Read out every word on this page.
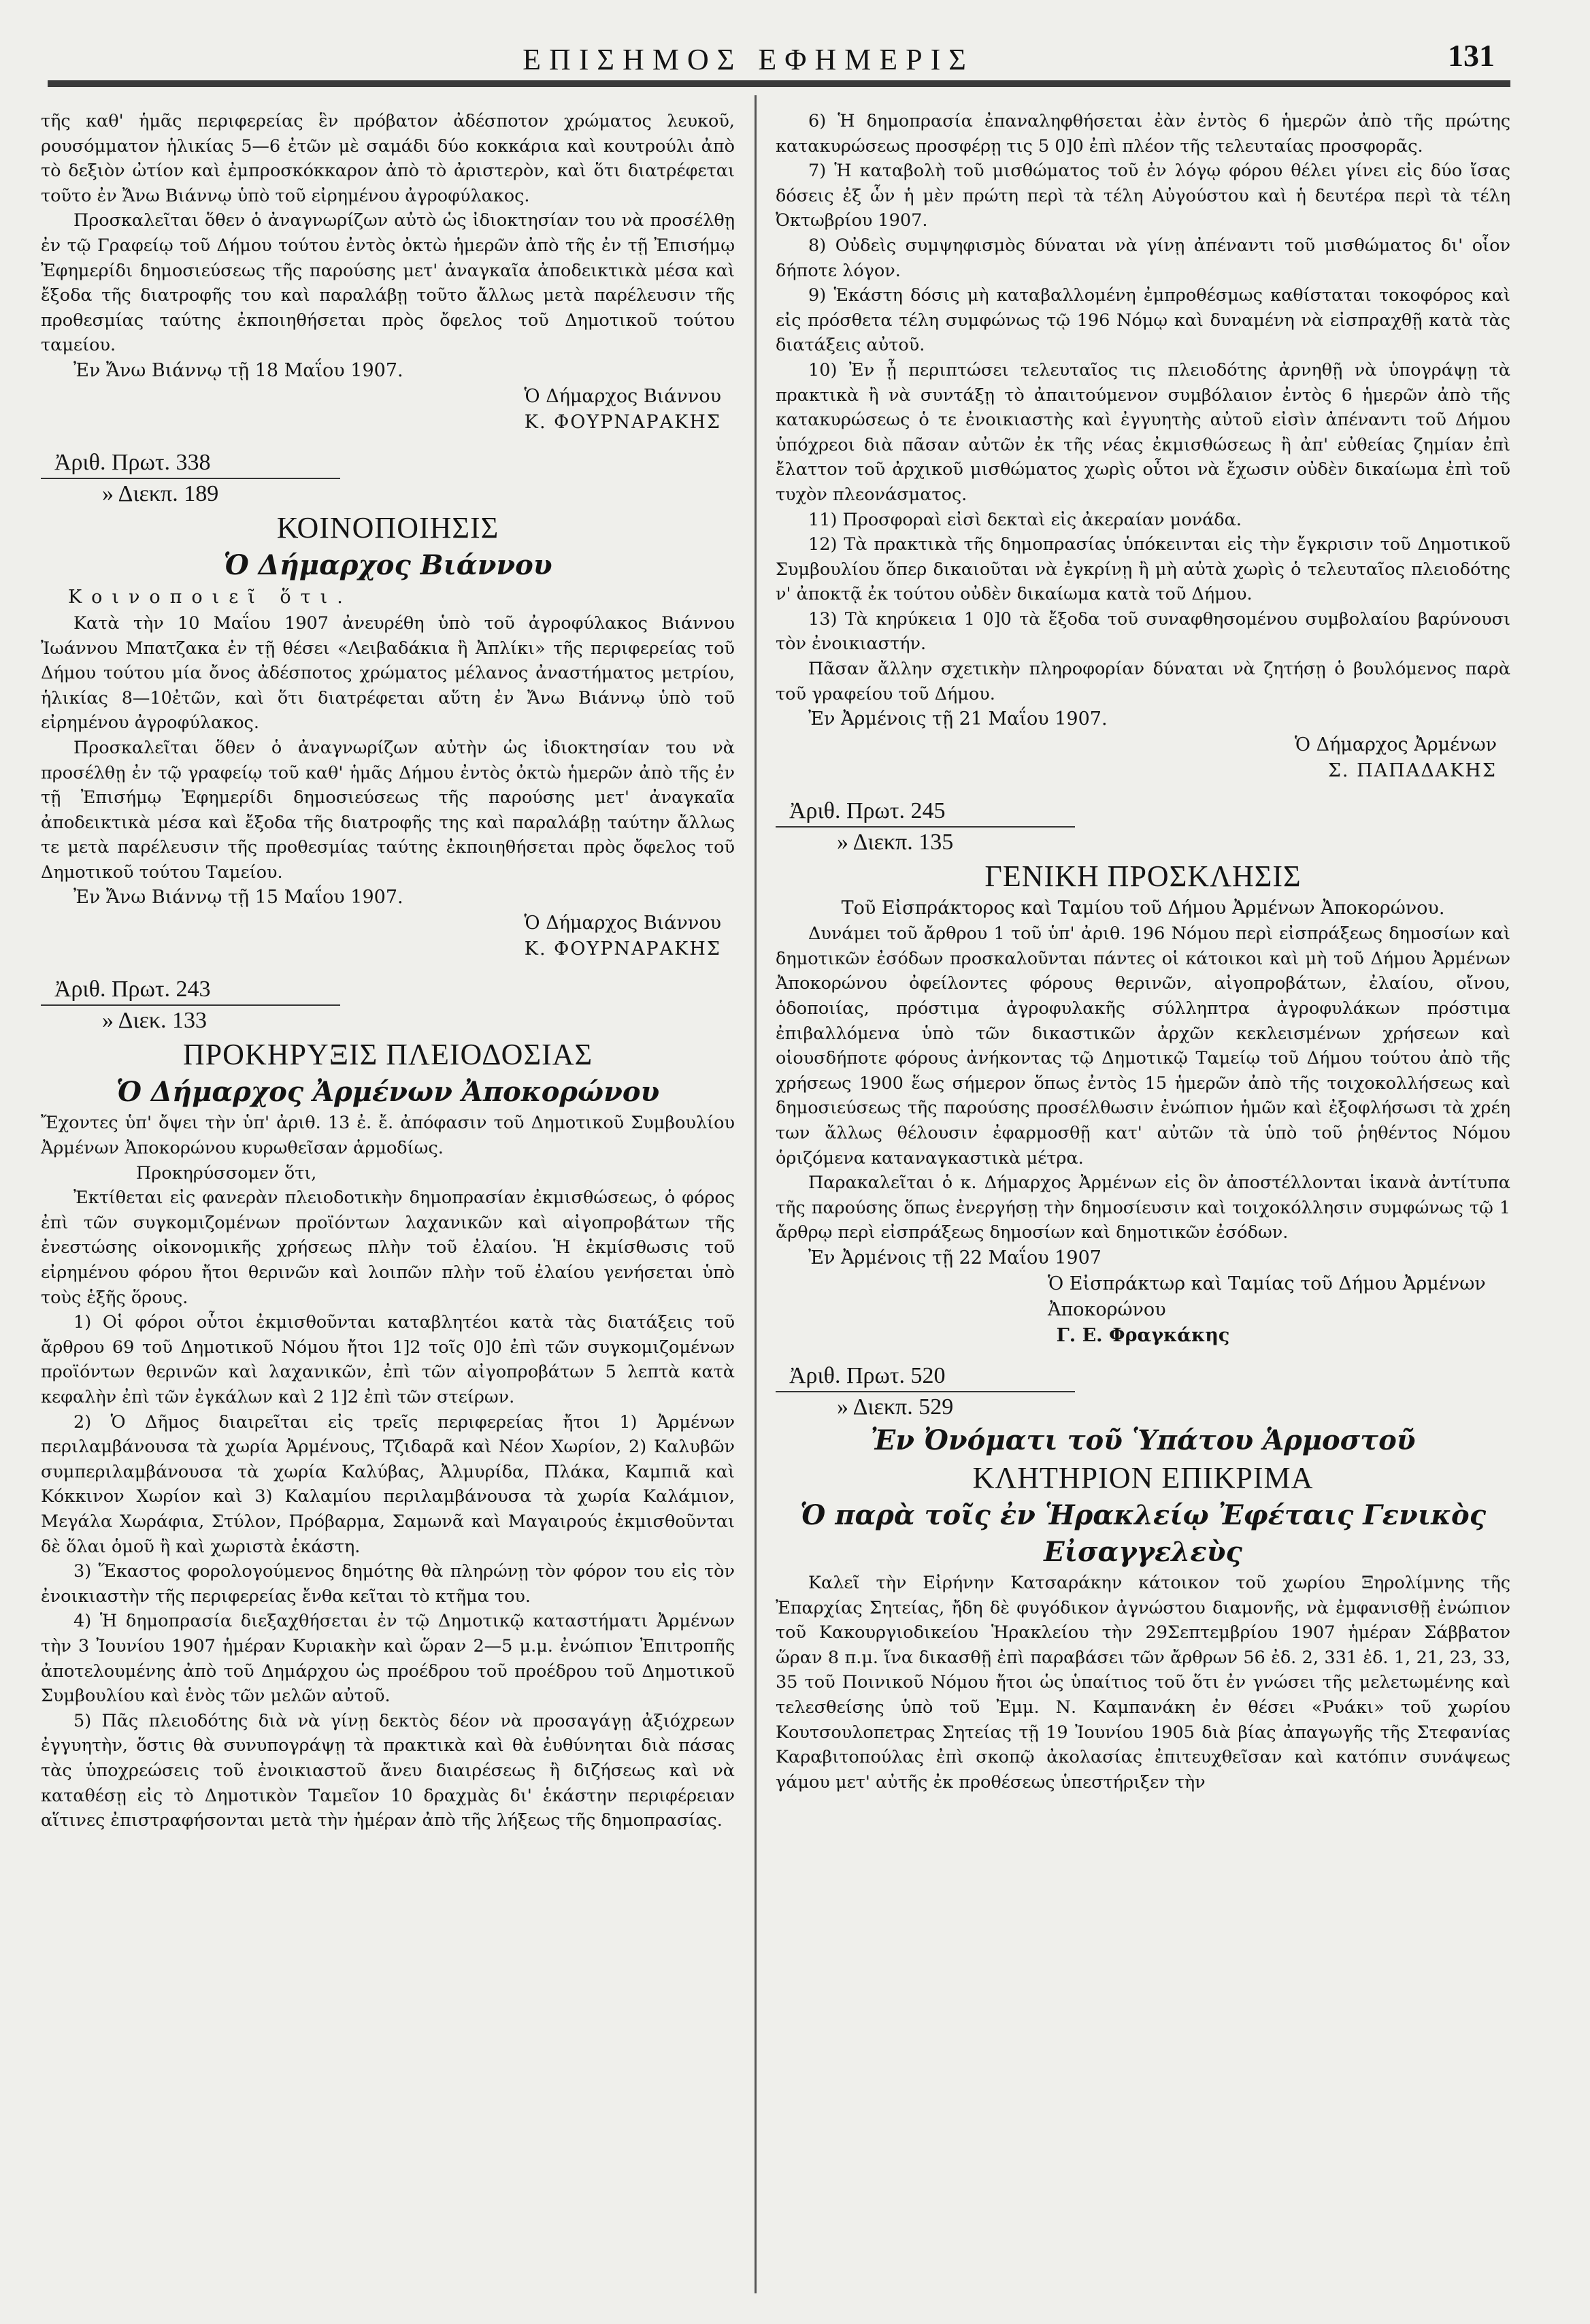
ΕΠΙΣΗΜΟΣ ΕΦΗΜΕΡΙΣ	131

τῆς καθ' ἡμᾶς περιφερείας ἓν πρόβατον ἀδέσποτον χρώματος λευκοῦ, ρουσόμματον ἡλικίας 5—6 ἐτῶν μὲ σαμάδι δύο κοκκάρια καὶ κουτρούλι ἀπὸ τὸ δεξιὸν ὠτίον καὶ ἐμπροσκόκκαρον ἀπὸ τὸ ἀριστερὸν, καὶ ὅτι διατρέφεται τοῦτο ἐν Ἄνω Βιάννῳ ὑπὸ τοῦ εἰρημένου ἀγροφύλακος.

Προσκαλεῖται ὅθεν ὁ ἀναγνωρίζων αὐτὸ ὡς ἰδιοκτησίαν του νὰ προσέλθῃ ἐν τῷ Γραφείῳ τοῦ Δήμου τούτου ἐντὸς ὀκτὼ ἡμερῶν ἀπὸ τῆς ἐν τῇ Ἐπισήμῳ Ἐφημερίδι δημοσιεύσεως τῆς παρούσης μετ' ἀναγκαῖα ἀποδεικτικὰ μέσα καὶ ἔξοδα τῆς διατροφῆς του καὶ παραλάβῃ τοῦτο ἄλλως μετὰ παρέλευσιν τῆς προθεσμίας ταύτης ἐκποιηθήσεται πρὸς ὄφελος τοῦ Δημοτικοῦ τούτου ταμείου.

Ἐν Ἄνω Βιάννῳ τῇ 18 Μαΐου 1907.

Ὁ Δήμαρχος Βιάννου

Κ. ΦΟΥΡΝΑΡΑΚΗΣ

Ἀριθ. Πρωτ. 338
» Διεκπ. 189
ΚΟΙΝΟΠΟΙΗΣΙΣ
Ὁ Δήμαρχος Βιάννου

Κοινοποιεῖ ὅτι.

Κατὰ τὴν 10 Μαΐου 1907 ἀνευρέθη ὑπὸ τοῦ ἀγροφύλακος Βιάννου Ἰωάννου Μπατζακα ἐν τῇ θέσει «Λειβαδάκια ἢ Ἀπλίκι» τῆς περιφερείας τοῦ Δήμου τούτου μία ὄνος ἀδέσποτος χρώματος μέλανος ἀναστήματος μετρίου, ἡλικίας 8—10ἐτῶν, καὶ ὅτι διατρέφεται αὕτη ἐν Ἄνω Βιάννῳ ὑπὸ τοῦ εἰρημένου ἀγροφύλακος.

Προσκαλεῖται ὅθεν ὁ ἀναγνωρίζων αὐτὴν ὡς ἰδιοκτησίαν του νὰ προσέλθῃ ἐν τῷ γραφείῳ τοῦ καθ' ἡμᾶς Δήμου ἐντὸς ὀκτὼ ἡμερῶν ἀπὸ τῆς ἐν τῇ Ἐπισήμῳ Ἐφημερίδι δημοσιεύσεως τῆς παρούσης μετ' ἀναγκαῖα ἀποδεικτικὰ μέσα καὶ ἔξοδα τῆς διατροφῆς της καὶ παραλάβῃ ταύτην ἄλλως τε μετὰ παρέλευσιν τῆς προθεσμίας ταύτης ἐκποιηθήσεται πρὸς ὄφελος τοῦ Δημοτικοῦ τούτου Ταμείου.

Ἐν Ἄνω Βιάννῳ τῇ 15 Μαΐου 1907.

Ὁ Δήμαρχος Βιάννου

Κ. ΦΟΥΡΝΑΡΑΚΗΣ

Ἀριθ. Πρωτ. 243
» Διεκ. 133
ΠΡΟΚΗΡΥΞΙΣ ΠΛΕΙΟΔΟΣΙΑΣ
Ὁ Δήμαρχος Ἀρμένων Ἀποκορώνου

Ἔχοντες ὑπ' ὄψει τὴν ὑπ' ἀριθ. 13 ἐ. ἔ. ἀπόφασιν τοῦ Δημοτικοῦ Συμβουλίου Ἀρμένων Ἀποκορώνου κυρωθεῖσαν ἁρμοδίως.

Προκηρύσσομεν ὅτι,

Ἐκτίθεται εἰς φανερὰν πλειοδοτικὴν δημοπρασίαν ἐκμισθώσεως, ὁ φόρος ἐπὶ τῶν συγκομιζομένων προϊόντων λαχανικῶν καὶ αἰγοπροβάτων τῆς ἐνεστώσης οἰκονομικῆς χρήσεως πλὴν τοῦ ἐλαίου. Ἡ ἐκμίσθωσις τοῦ εἰρημένου φόρου ἤτοι θερινῶν καὶ λοιπῶν πλὴν τοῦ ἐλαίου γενήσεται ὑπὸ τοὺς ἑξῆς ὅρους.

1) Οἱ φόροι οὗτοι ἐκμισθοῦνται καταβλητέοι κατὰ τὰς διατάξεις τοῦ ἄρθρου 69 τοῦ Δημοτικοῦ Νόμου ἤτοι 1]2 τοῖς 0]0 ἐπὶ τῶν συγκομιζομένων προϊόντων θερινῶν καὶ λαχανικῶν, ἐπὶ τῶν αἰγοπροβάτων 5 λεπτὰ κατὰ κεφαλὴν ἐπὶ τῶν ἐγκάλων καὶ 2 1]2 ἐπὶ τῶν στείρων.

2) Ὁ Δῆμος διαιρεῖται εἰς τρεῖς περιφερείας ἤτοι 1) Ἀρμένων περιλαμβάνουσα τὰ χωρία Ἀρμένους, Τζιδαρᾶ καὶ Νέον Χωρίον, 2) Καλυβῶν συμπεριλαμβάνουσα τὰ χωρία Καλύβας, Ἀλμυρίδα, Πλάκα, Καμπιᾶ καὶ Κόκκινον Χωρίον καὶ 3) Καλαμίου περιλαμβάνουσα τὰ χωρία Καλάμιον, Μεγάλα Χωράφια, Στύλον, Πρόβαρμα, Σαμωνᾶ καὶ Μαγαιρούς ἐκμισθοῦνται δὲ ὅλαι ὁμοῦ ἢ καὶ χωριστὰ ἑκάστη.

3) Ἕκαστος φορολογούμενος δημότης θὰ πληρώνῃ τὸν φόρον του εἰς τὸν ἐνοικιαστὴν τῆς περιφερείας ἔνθα κεῖται τὸ κτῆμα του.

4) Ἡ δημοπρασία διεξαχθήσεται ἐν τῷ Δημοτικῷ καταστήματι Ἀρμένων τὴν 3 Ἰουνίου 1907 ἡμέραν Κυριακὴν καὶ ὥραν 2—5 μ.μ. ἐνώπιον Ἐπιτροπῆς ἀποτελουμένης ἀπὸ τοῦ Δημάρχου ὡς προέδρου τοῦ προέδρου τοῦ Δημοτικοῦ Συμβουλίου καὶ ἑνὸς τῶν μελῶν αὐτοῦ.

5) Πᾶς πλειοδότης διὰ νὰ γίνῃ δεκτὸς δέον νὰ προσαγάγῃ ἀξιόχρεων ἐγγυητὴν, ὅστις θὰ συνυπογράψῃ τὰ πρακτικὰ καὶ θὰ ἐυθύνηται διὰ πάσας τὰς ὑποχρεώσεις τοῦ ἐνοικιαστοῦ ἄνευ διαιρέσεως ἢ διζήσεως καὶ νὰ καταθέσῃ εἰς τὸ Δημοτικὸν Ταμεῖον 10 δραχμὰς δι' ἑκάστην περιφέρειαν αἵτινες ἐπιστραφήσονται μετὰ τὴν ἡμέραν ἀπὸ τῆς λήξεως τῆς δημοπρασίας.

6) Ἡ δημοπρασία ἐπαναληφθήσεται ἐὰν ἐντὸς 6 ἡμερῶν ἀπὸ τῆς πρώτης κατακυρώσεως προσφέρῃ τις 5 0]0 ἐπὶ πλέον τῆς τελευταίας προσφορᾶς.

7) Ἡ καταβολὴ τοῦ μισθώματος τοῦ ἐν λόγῳ φόρου θέλει γίνει εἰς δύο ἴσας δόσεις ἐξ ὧν ἡ μὲν πρώτη περὶ τὰ τέλη Αὐγούστου καὶ ἡ δευτέρα περὶ τὰ τέλη Ὀκτωβρίου 1907.

8) Οὐδεὶς συμψηφισμὸς δύναται νὰ γίνῃ ἀπέναντι τοῦ μισθώματος δι' οἷον δήποτε λόγον.

9) Ἑκάστη δόσις μὴ καταβαλλομένη ἐμπροθέσμως καθίσταται τοκοφόρος καὶ εἰς πρόσθετα τέλη συμφώνως τῷ 196 Νόμῳ καὶ δυναμένη νὰ εἰσπραχθῇ κατὰ τὰς διατάξεις αὐτοῦ.

10) Ἐν ᾗ περιπτώσει τελευταῖος τις πλειοδότης ἀρνηθῇ νὰ ὑπογράψῃ τὰ πρακτικὰ ἢ νὰ συντάξῃ τὸ ἀπαιτούμενον συμβόλαιον ἐντὸς 6 ἡμερῶν ἀπὸ τῆς κατακυρώσεως ὁ τε ἐνοικιαστὴς καὶ ἐγγυητὴς αὐτοῦ εἰσὶν ἀπέναντι τοῦ Δήμου ὑπόχρεοι διὰ πᾶσαν αὐτῶν ἐκ τῆς νέας ἐκμισθώσεως ἢ ἀπ' εὐθείας ζημίαν ἐπὶ ἔλαττον τοῦ ἀρχικοῦ μισθώματος χωρὶς οὗτοι νὰ ἔχωσιν οὐδὲν δικαίωμα ἐπὶ τοῦ τυχὸν πλεονάσματος.

11) Προσφοραὶ εἰσὶ δεκταὶ εἰς ἀκεραίαν μονάδα.

12) Τὰ πρακτικὰ τῆς δημοπρασίας ὑπόκεινται εἰς τὴν ἔγκρισιν τοῦ Δημοτικοῦ Συμβουλίου ὅπερ δικαιοῦται νὰ ἐγκρίνῃ ἢ μὴ αὐτὰ χωρὶς ὁ τελευταῖος πλειοδότης ν' ἀποκτᾷ ἐκ τούτου οὐδὲν δικαίωμα κατὰ τοῦ Δήμου.

13) Τὰ κηρύκεια 1 0]0 τὰ ἔξοδα τοῦ συναφθησομένου συμβολαίου βαρύνουσι τὸν ἐνοικιαστήν.

Πᾶσαν ἄλλην σχετικὴν πληροφορίαν δύναται νὰ ζητήσῃ ὁ βουλόμενος παρὰ τοῦ γραφείου τοῦ Δήμου.

Ἐν Ἀρμένοις τῇ 21 Μαΐου 1907.

Ὁ Δήμαρχος Ἀρμένων

Σ. ΠΑΠΑΔΑΚΗΣ

Ἀριθ. Πρωτ. 245
» Διεκπ. 135
ΓΕΝΙΚΗ ΠΡΟΣΚΛΗΣΙΣ

Τοῦ Εἰσπράκτορος καὶ Ταμίου τοῦ Δήμου Ἀρμένων Ἀποκορώνου.

Δυνάμει τοῦ ἄρθρου 1 τοῦ ὑπ' ἀριθ. 196 Νόμου περὶ εἰσπράξεως δημοσίων καὶ δημοτικῶν ἐσόδων προσκαλοῦνται πάντες οἱ κάτοικοι καὶ μὴ τοῦ Δήμου Ἀρμένων Ἀποκορώνου ὀφείλοντες φόρους θερινῶν, αἰγοπροβάτων, ἐλαίου, οἴνου, ὁδοποιίας, πρόστιμα ἀγροφυλακῆς σύλληπτρα ἀγροφυλάκων πρόστιμα ἐπιβαλλόμενα ὑπὸ τῶν δικαστικῶν ἀρχῶν κεκλεισμένων χρήσεων καὶ οἱουσδήποτε φόρους ἀνήκοντας τῷ Δημοτικῷ Ταμείῳ τοῦ Δήμου τούτου ἀπὸ τῆς χρήσεως 1900 ἕως σήμερον ὅπως ἐντὸς 15 ἡμερῶν ἀπὸ τῆς τοιχοκολλήσεως καὶ δημοσιεύσεως τῆς παρούσης προσέλθωσιν ἐνώπιον ἡμῶν καὶ ἐξοφλήσωσι τὰ χρέη των ἄλλως θέλουσιν ἐφαρμοσθῇ κατ' αὐτῶν τὰ ὑπὸ τοῦ ῥηθέντος Νόμου ὁριζόμενα καταναγκαστικὰ μέτρα.

Παρακαλεῖται ὁ κ. Δήμαρχος Ἀρμένων εἰς ὃν ἀποστέλλονται ἱκανὰ ἀντίτυπα τῆς παρούσης ὅπως ἐνεργήσῃ τὴν δημοσίευσιν καὶ τοιχοκόλλησιν συμφώνως τῷ 1 ἄρθρῳ περὶ εἰσπράξεως δημοσίων καὶ δημοτικῶν ἐσόδων.

Ἐν Ἀρμένοις τῇ 22 Μαΐου 1907

Ὁ Εἰσπράκτωρ καὶ Ταμίας τοῦ Δήμου Ἀρμένων Ἀποκορώνου

Γ. Ε. Φραγκάκης

Ἀριθ. Πρωτ. 520
» Διεκπ. 529
Ἐν Ὀνόματι τοῦ Ὑπάτου Ἁρμοστοῦ
ΚΛΗΤΗΡΙΟΝ ΕΠΙΚΡΙΜΑ
Ὁ παρὰ τοῖς ἐν Ἡρακλείῳ Ἐφέταις Γενικὸς Εἰσαγγελεὺς

Καλεῖ τὴν Εἰρήνην Κατσαράκην κάτοικον τοῦ χωρίου Ξηρολίμνης τῆς Ἐπαρχίας Σητείας, ἤδη δὲ φυγόδικον ἀγνώστου διαμονῆς, νὰ ἐμφανισθῇ ἐνώπιον τοῦ Κακουργιοδικείου Ἡρακλείου τὴν 29Σεπτεμβρίου 1907 ἡμέραν Σάββατον ὥραν 8 π.μ. ἵνα δικασθῇ ἐπὶ παραβάσει τῶν ἄρθρων 56 ἐδ. 2, 331 ἐδ. 1, 21, 23, 33, 35 τοῦ Ποινικοῦ Νόμου ἤτοι ὡς ὑπαίτιος τοῦ ὅτι ἐν γνώσει τῆς μελετωμένης καὶ τελεσθείσης ὑπὸ τοῦ Ἐμμ. Ν. Καμπανάκη ἐν θέσει «Ρυάκι» τοῦ χωρίου Κουτσουλοπετρας Σητείας τῇ 19 Ἰουνίου 1905 διὰ βίας ἀπαγωγῆς τῆς Στεφανίας Καραβιτοπούλας ἐπὶ σκοπῷ ἀκολασίας ἐπιτευχθεῖσαν καὶ κατόπιν συνάψεως γάμου μετ' αὐτῆς ἐκ προθέσεως ὑπεστήριξεν τὴν
